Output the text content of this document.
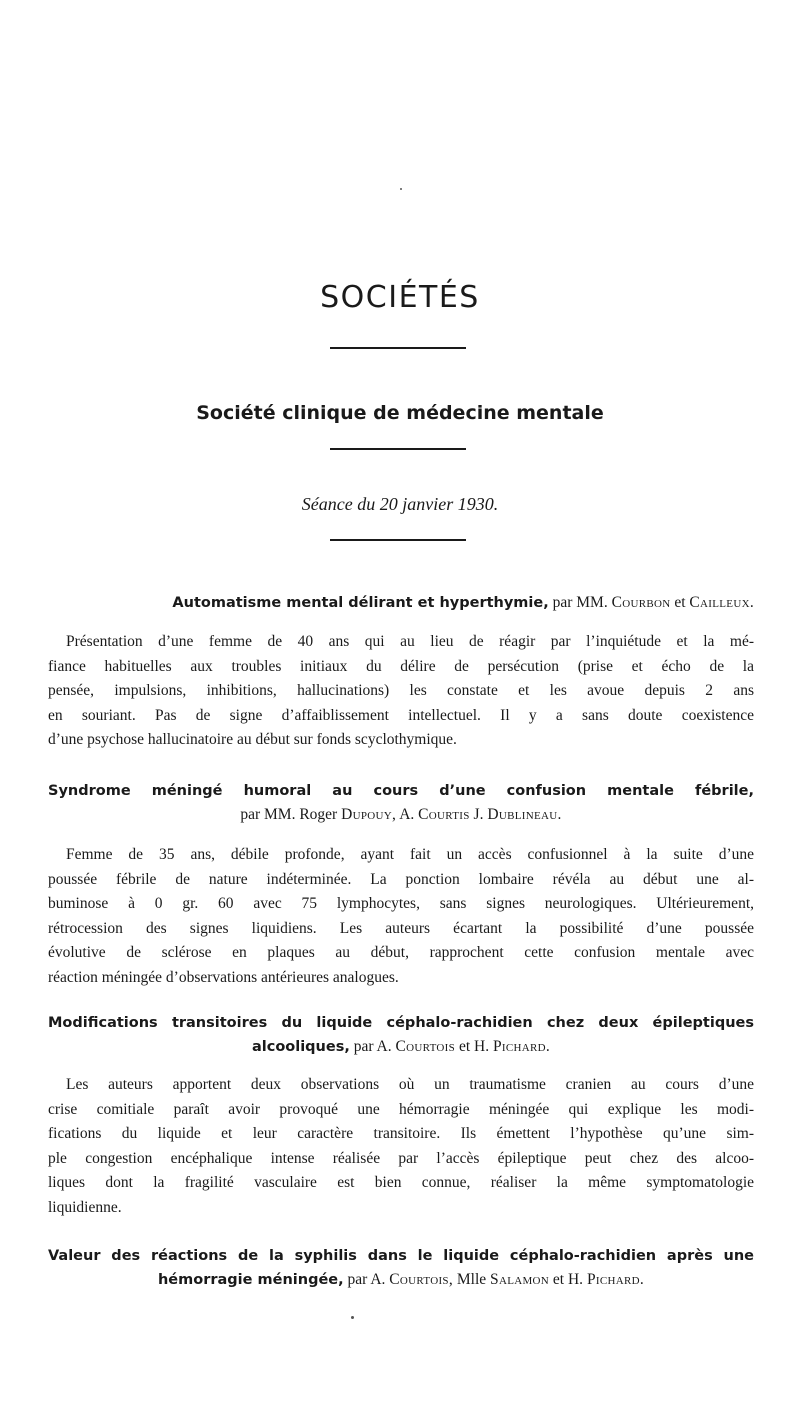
SOCIÉTÉS
Société clinique de médecine mentale
Séance du 20 janvier 1930.
Automatisme mental délirant et hyperthymie, par MM. Courbon et Cailleux.
Présentation d’une femme de 40 ans qui au lieu de réagir par l’inquiétude et la mé-
fiance habituelles aux troubles initiaux du délire de persécution (prise et écho de la
pensée, impulsions, inhibitions, hallucinations) les constate et les avoue depuis 2 ans
en souriant. Pas de signe d’affaiblissement intellectuel. Il y a sans doute coexistence
d’une psychose hallucinatoire au début sur fonds scyclothymique.
Syndrome méningé humoral au cours d’une confusion mentale fébrile,
par MM. Roger Dupouy, A. Courtis J. Dublineau.
Femme de 35 ans, débile profonde, ayant fait un accès confusionnel à la suite d’une
poussée fébrile de nature indéterminée. La ponction lombaire révéla au début une al-
buminose à 0 gr. 60 avec 75 lymphocytes, sans signes neurologiques. Ultérieurement,
rétrocession des signes liquidiens. Les auteurs écartant la possibilité d’une poussée
évolutive de sclérose en plaques au début, rapprochent cette confusion mentale avec
réaction méningée d’observations antérieures analogues.
Modifications transitoires du liquide céphalo-rachidien chez deux épileptiques
alcooliques, par A. Courtois et H. Pichard.
Les auteurs apportent deux observations où un traumatisme cranien au cours d’une
crise comitiale paraît avoir provoqué une hémorragie méningée qui explique les modi-
fications du liquide et leur caractère transitoire. Ils émettent l’hypothèse qu’une sim-
ple congestion encéphalique intense réalisée par l’accès épileptique peut chez des alcoo-
liques dont la fragilité vasculaire est bien connue, réaliser la même symptomatologie
liquidienne.
Valeur des réactions de la syphilis dans le liquide céphalo-rachidien après une
hémorragie méningée, par A. Courtois, Mlle Salamon et H. Pichard.
